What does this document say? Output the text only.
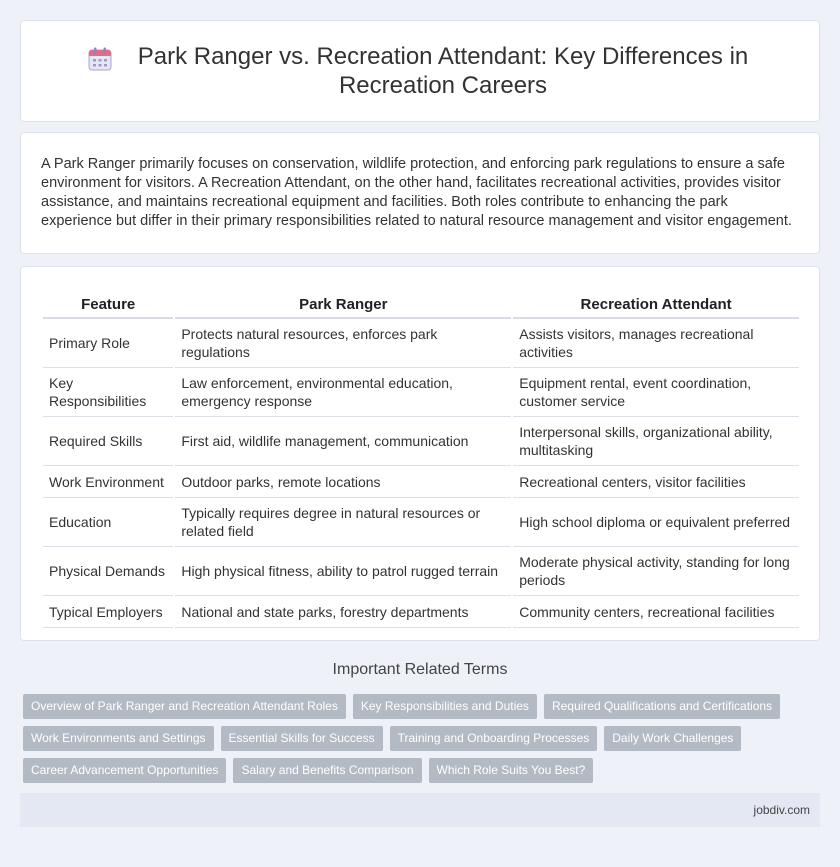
Park Ranger vs. Recreation Attendant: Key Differences in Recreation Careers

A Park Ranger primarily focuses on conservation, wildlife protection, and enforcing park regulations to ensure a safe environment for visitors. A Recreation Attendant, on the other hand, facilitates recreational activities, provides visitor assistance, and maintains recreational equipment and facilities. Both roles contribute to enhancing the park experience but differ in their primary responsibilities related to natural resource management and visitor engagement.

Feature	Park Ranger	Recreation Attendant
Primary Role	Protects natural resources, enforces park regulations	Assists visitors, manages recreational activities
Key Responsibilities	Law enforcement, environmental education, emergency response	Equipment rental, event coordination, customer service
Required Skills	First aid, wildlife management, communication	Interpersonal skills, organizational ability, multitasking
Work Environment	Outdoor parks, remote locations	Recreational centers, visitor facilities
Education	Typically requires degree in natural resources or related field	High school diploma or equivalent preferred
Physical Demands	High physical fitness, ability to patrol rugged terrain	Moderate physical activity, standing for long periods
Typical Employers	National and state parks, forestry departments	Community centers, recreational facilities
Important Related Terms
Overview of Park Ranger and Recreation Attendant Roles	Key Responsibilities and Duties	Required Qualifications and Certifications
Work Environments and Settings	Essential Skills for Success	Training and Onboarding Processes	Daily Work Challenges
Career Advancement Opportunities	Salary and Benefits Comparison	Which Role Suits You Best?
jobdiv.com
